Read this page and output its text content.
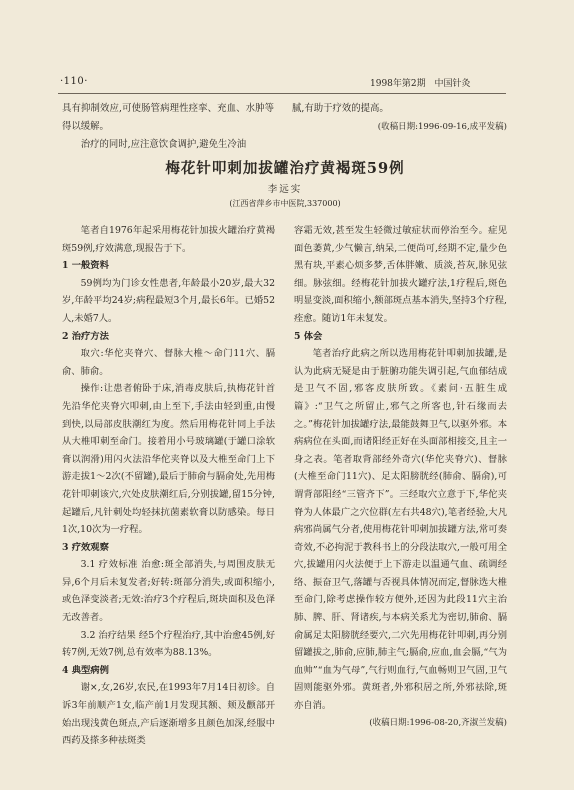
·110·	1998年第2期 中国针灸

具有抑制效应,可使肠管病理性痉挛、充血、水肿等得以缓解。

治疗的同时,应注意饮食调护,避免生冷油

腻,有助于疗效的提高。

(收稿日期:1996-09-16,成平发稿)

梅花针叩刺加拔罐治疗黄褐斑59例
李远实
(江西省萍乡市中医院,337000)

笔者自1976年起采用梅花针加拔火罐治疗黄褐斑59例,疗效满意,现报告于下。

1 一般资料

59例均为门诊女性患者,年龄最小20岁,最大32岁,年龄平均24岁;病程最短3个月,最长6年。已婚52人,未婚7人。

2 治疗方法

取穴:华佗夹脊穴、督脉大椎～命门11穴、膈俞、肺俞。

操作:让患者俯卧于床,消毒皮肤后,执梅花针首先沿华佗夹脊穴叩刺,由上至下,手法由轻到重,由慢到快,以局部皮肤潮红为度。然后用梅花针同上手法从大椎叩刺至命门。接着用小号玻璃罐(于罐口涂软膏以润滑)用闪火法沿华佗夹脊以及大椎至命门上下游走拔1～2次(不留罐),最后于肺俞与膈俞处,先用梅花针叩刺该穴,穴处皮肤潮红后,分别拔罐,留15分钟,起罐后,凡针刺处均轻抹抗菌素软膏以防感染。每日1次,10次为一疗程。

3 疗效观察

3.1 疗效标准 治愈:斑全部消失,与周围皮肤无异,6个月后未复发者;好转:斑部分消失,或面积缩小,或色泽变淡者;无效:治疗3个疗程后,斑块面积及色泽无改善者。

3.2 治疗结果 经5个疗程治疗,其中治愈45例,好转7例,无效7例,总有效率为88.13%。

4 典型病例

谢×,女,26岁,农民,在1993年7月14日初诊。自诉3年前顺产1女,临产前1月发现其额、颊及颧部开始出现浅黄色斑点,产后逐渐增多且颜色加深,经服中西药及搽多种祛斑类

容霜无效,甚至发生轻微过敏症状而停治至今。症见面色萎黄,少气懒言,纳呆,二便尚可,经期不定,量少色黑有块,平素心烦多梦,舌体胖嫩、质淡,苔灰,脉见弦细。脉弦细。经梅花针加拔火罐疗法,1疗程后,斑色明显变淡,面积缩小,额部斑点基本消失,坚持3个疗程,痊愈。随访1年未复发。

5 体会

笔者治疗此病之所以选用梅花针叩刺加拔罐,是认为此病无疑是由于脏腑功能失调引起,气血郁结成是卫气不固,邪客皮肤所致。《素问·五脏生成篇》:“卫气之所留止,邪气之所客也,针石缘而去之。”梅花针加拔罐疗法,最能鼓舞卫气,以驱外邪。本病病位在头面,而诸阳经正好在头面部相接交,且主一身之表。笔者取背部经外奇穴(华佗夹脊穴)、督脉(大椎至命门11穴)、足太阳膀胱经(肺俞、膈俞),可谓背部阳经“三管齐下”。三经取穴立意于下,华佗夹脊为人体最广之穴位群(左右共48穴),笔者经验,大凡病邪尚属气分者,使用梅花针叩刺加拔罐方法,常可奏奇效,不必拘泥于教科书上的分段法取穴,一般可用全穴,拔罐用闪火法便于上下游走以温通气血、疏调经络、振奋卫气,落罐与否视具体情况而定,督脉选大椎至命门,除考虑操作较方便外,还因为此段11穴主治肺、脾、肝、肾诸疾,与本病关系尤为密切,肺俞、膈俞属足太阳膀胱经要穴,二穴先用梅花针叩刺,再分别留罐拔之,肺俞,应肺,肺主气;膈俞,应血,血会膈,“气为血帅”“血为气母”,气行则血行,气血畅则卫气固,卫气固则能驱外邪。黄斑者,外邪积居之所,外邪祛除,斑亦自消。

(收稿日期:1996-08-20,齐淑兰发稿)
